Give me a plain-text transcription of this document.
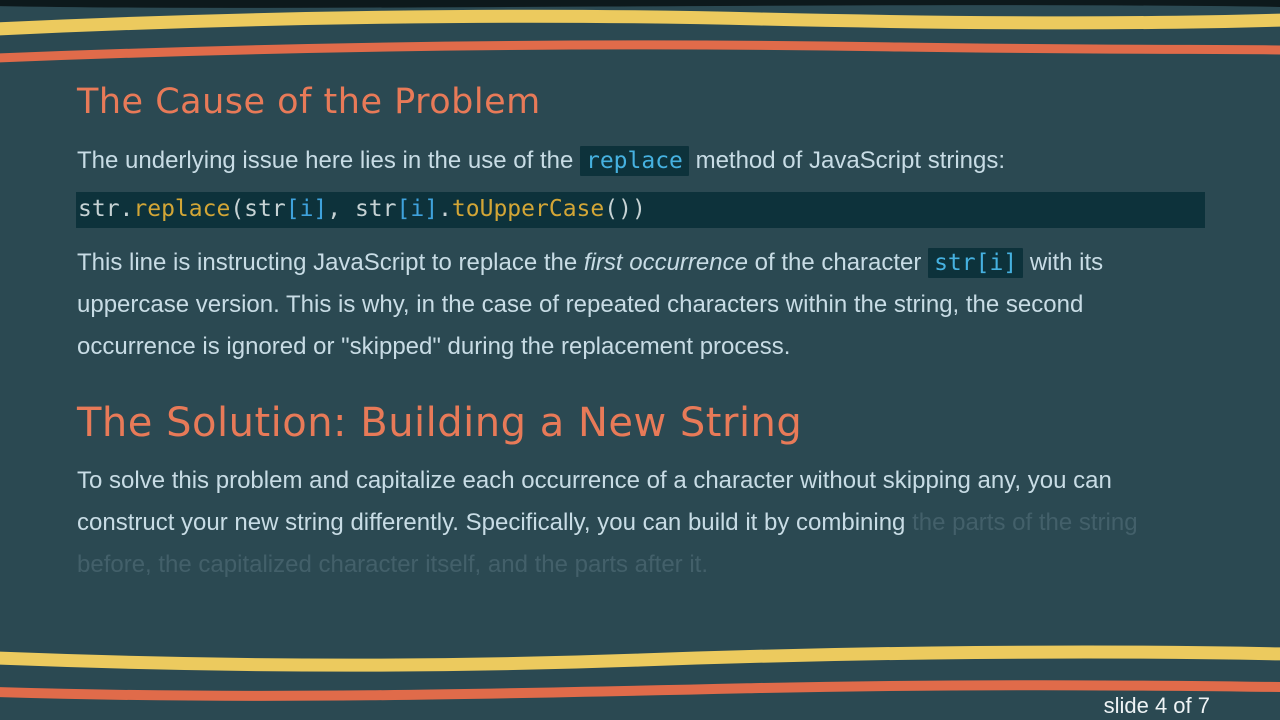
The Cause of the Problem

The underlying issue here lies in the use of the replace method of JavaScript strings:

str.replace(str[i], str[i].toUpperCase())

This line is instructing JavaScript to replace the first occurrence of the character str[i] with its uppercase version. This is why, in the case of repeated characters within the string, the second occurrence is ignored or "skipped" during the replacement process.

The Solution: Building a New String

To solve this problem and capitalize each occurrence of a character without skipping any, you can construct your new string differently. Specifically, you can build it by combining the parts of the string before, the capitalized character itself, and the parts after it.

slide 4 of 7
